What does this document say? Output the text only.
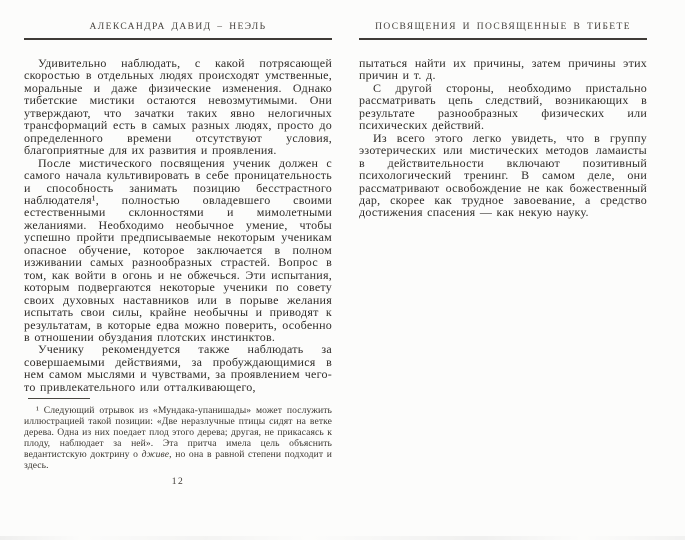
АЛЕКСАНДРА ДАВИД – НЕЭЛЬ

Удивительно наблюдать, с какой потрясающей скоростью в отдельных людях происходят умственные, моральные и даже физические изменения. Однако тибетские мистики остаются невозмутимыми. Они утверждают, что зачатки таких явно нелогичных трансформаций есть в самых разных людях, просто до определенного времени отсутствуют условия, благоприятные для их развития и проявления.

После мистического посвящения ученик должен с самого начала культивировать в себе проницательность и способность занимать позицию бесстрастного наблюдателя¹, полностью овладевшего своими естественными склонностями и мимолетными желаниями. Необходимо необычное умение, чтобы успешно пройти предписываемые некоторым ученикам опасное обучение, которое заключается в полном изживании самых разнообразных страстей. Вопрос в том, как войти в огонь и не обжечься. Эти испытания, которым подвергаются некоторые ученики по совету своих духовных наставников или в порыве желания испытать свои силы, крайне необычны и приводят к результатам, в которые едва можно поверить, особенно в отношении обуздания плотских инстинктов.

Ученику рекомендуется также наблюдать за совершаемыми действиями, за пробуждающимися в нем самом мыслями и чувствами, за проявлением чего-то привлекательного или отталкивающего,

¹ Следующий отрывок из «Мундака-упанишады» может послужить иллюстрацией такой позиции: «Две неразлучные птицы сидят на ветке дерева. Одна из них поедает плод этого дерева; другая, не прикасаясь к плоду, наблюдает за ней». Эта притча имела цель объяснить ведантистскую доктрину о дживе, но она в равной степени подходит и здесь.

12
ПОСВЯЩЕНИЯ И ПОСВЯЩЕННЫЕ В ТИБЕТЕ

пытаться найти их причины, затем причины этих причин и т. д.

С другой стороны, необходимо пристально рассматривать цепь следствий, возникающих в результате разнообразных физических или психических действий.

Из всего этого легко увидеть, что в группу эзотерических или мистических методов ламаисты в действительности включают позитивный психологический тренинг. В самом деле, они рассматривают освобождение не как божественный дар, скорее как трудное завоевание, а средство достижения спасения — как некую науку.
